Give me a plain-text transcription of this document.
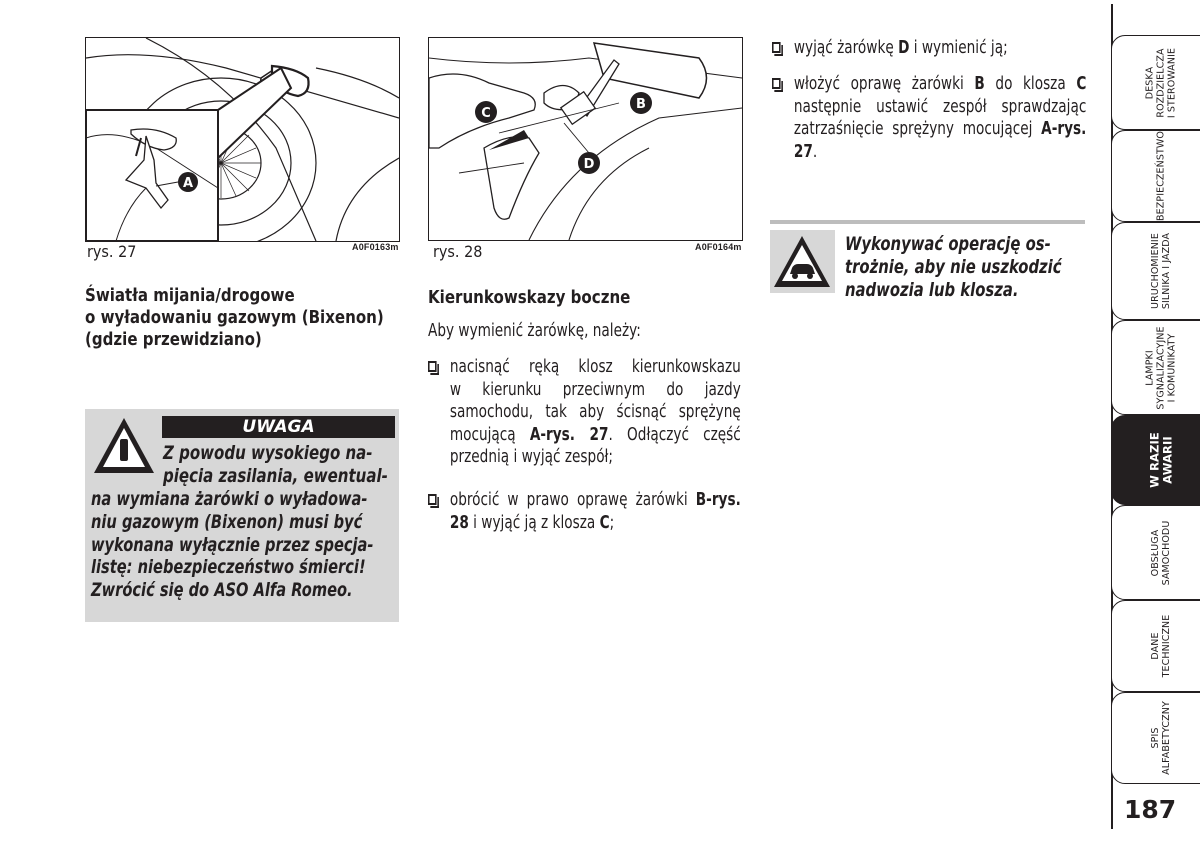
A
rys. 27	A0F0163m
C
B
D
rys. 28	A0F0164m
Światła mijania/drogowe
o wyładowaniu gazowym (Bixenon)
(gdzie przewidziano)
UWAGA
Z powodu wysokiego na-
pięcia zasilania, ewentual-
na wymiana żarówki o wyładowa-
niu gazowym (Bixenon) musi być
wykonana wyłącznie przez specja-
listę: niebezpieczeństwo śmierci!
Zwrócić się do ASO Alfa Romeo.
Kierunkowskazy boczne
Aby wymienić żarówkę, należy:
nacisnąć ręką klosz kierunkowskazu w kierunku przeciwnym do jazdy samochodu, tak aby ścisnąć sprężynę mocującą A-rys. 27. Odłączyć część przednią i wyjąć zespół;
obrócić w prawo oprawę żarówki B-rys. 28 i wyjąć ją z klosza C;
wyjąć żarówkę D i wymienić ją;
włożyć oprawę żarówki B do klosza C następnie ustawić zespół sprawdzając zatrzaśnięcie sprężyny mocującej A-rys. 27.
Wykonywać operację os-
trożnie, aby nie uszkodzić
nadwozia lub klosza.
DESKA ROZDZIELCZA I STEROWANIE
BEZPIECZEŃSTWO
URUCHOMIENIE SILNIKA I JAZDA
LAMPKI SYGNALIZACYJNE I KOMUNIKATY
W RAZIE
AWARII
OBSŁUGA SAMOCHODU
DANE TECHNICZNE
SPIS ALFABETYCZNY
187
